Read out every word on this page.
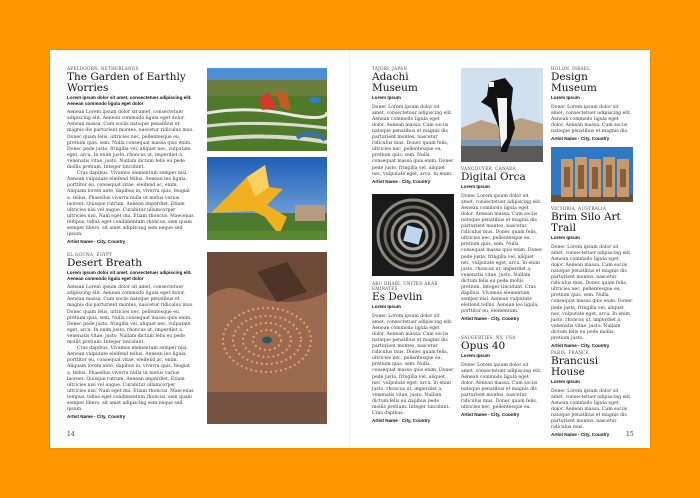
APELDOORN, NETHERLANDS
The Garden of Earthly Worries
Lorem ipsum dolor sit amet, consectetuer adipiscing elit. Aenean commodo ligula eget dolor

Aenean Lorem ipsum dolor sit amet, consectetuer adipiscing elit. Aenean commodo ligula eget dolor. Aenean massa. Cum sociis natoque penatibus et magnis dis parturient montes, nascetur ridiculus mus. Donec quam felis, ultricies nec, pellentesque eu, pretium quis, sem. Nulla consequat massa quis enim. Donec pede justo, fringilla vel, aliquet nec, vulputate eget, arcu. In enim justo, rhoncus ut, imperdiet a, venenatis vitae, justo. Nullam dictum felis eu pede mollis pretium. Integer tincidunt.

Cras dapibus. Vivamus elementum semper nisi. Aenean vulputate eleifend tellus. Aenean leo ligula, porttitor eu, consequat vitae, eleifend ac, enim. Aliquam lorem ante, dapibus in, viverra quis, feugiat a, tellus. Phasellus viverra nulla ut metus varius laoreet. Quisque rutrum. Aenean imperdiet. Etiam ultricies nisi vel augue. Curabitur ullamcorper ultricies nisi. Nam eget dui. Etiam rhoncus. Maecenas tempus, tellus eget condimentum rhoncus, sem quam semper libero, sit amet adipiscing sem neque sed ipsum.

Artist Name - City, Country
EL GOUNA, EGYPT
Desert Breath
Lorem ipsum dolor sit amet, consectetuer adipiscing elit. Aenean commodo ligula eget dolor

Aenean Lorem ipsum dolor sit amet, consectetuer adipiscing elit. Aenean commodo ligula eget dolor. Aenean massa. Cum sociis natoque penatibus et magnis dis parturient montes, nascetur ridiculus mus. Donec quam felis, ultricies nec, pellentesque eu, pretium quis, sem. Nulla consequat massa quis enim. Donec pede justo, fringilla vel, aliquet nec, vulputate eget, arcu. In enim justo, rhoncus ut, imperdiet a, venenatis vitae, justo. Nullam dictum felis eu pede mollis pretium. Integer tincidunt.

Cras dapibus. Vivamus elementum semper nisi. Aenean vulputate eleifend tellus. Aenean leo ligula, porttitor eu, consequat vitae, eleifend ac, enim. Aliquam lorem ante, dapibus in, viverra quis, feugiat a, tellus. Phasellus viverra nulla ut metus varius laoreet. Quisque rutrum. Aenean imperdiet. Etiam ultricies nisi vel augue. Curabitur ullamcorper ultricies nisi. Nam eget dui. Etiam rhoncus. Maecenas tempus, tellus eget condimentum rhoncus, sem quam semper libero, sit amet adipiscing sem neque sed ipsum.

Artist Name - City, Country
TAJORI, JAPAN
Adachi Museum
Lorem Ipsum

Donec Lorem ipsum dolor sit amet, consectetuer adipiscing elit. Aenean commodo ligula eget dolor. Aenean massa. Cum sociis natoque penatibus et magnis dis parturient montes, nascetur ridiculus mus. Donec quam felis, ultricies nec, pellentesque eu, pretium quis, sem. Nulla consequat massa quis enim. Donec pede justo, fringilla vel, aliquet nec, vulputate eget, arcu. In enim.

Artist Name - City, Country
ABU DHABI, UNITED ARAB EMIRATES
Es Devlin
Lorem Ipsum

Donec Lorem ipsum dolor sit amet, consectetuer adipiscing elit. Aenean commodo ligula eget dolor. Aenean massa. Cum sociis natoque penatibus et magnis dis parturient montes, nascetur ridiculus mus. Donec quam felis, ultricies nec, pellentesque eu, pretium quis, sem. Nulla consequat massa quis enim. Donec pede justo, fringilla vel, aliquet nec, vulputate eget, arcu. In enim justo, rhoncus ut, imperdiet a, venenatis vitae, justo. Nullam dictum felis eu dapibus pede mollis pretium. Integer tincidunt. Cras dapibus.

Artist Name - City, Country
VANCOUVER, CANADA
Digital Orca
Lorem Ipsum

Donec Lorem ipsum dolor sit amet, consectetuer adipiscing elit. Aenean commodo ligula eget dolor. Aenean massa. Cum sociis natoque penatibus et magnis dis parturient montes, nascetur ridiculus mus. Donec quam felis, ultricies nec, pellentesque eu, pretium quis, sem. Nulla consequat massa quis enim. Donec pede justo, fringilla vel, aliquet nec, vulputate eget, arcu. In enim justo, rhoncus ut, imperdiet a, venenatis vitae, justo. Nullam dictum felis eu pede mollis pretium. Integer tincidunt. Cras dapibus. Vivamus elementum semper nisi. Aenean vulputate eleifend tellus. Aenean leo ligula, porttitor eu, elementum.

Artist Name - City, Country
SAUGERTIES, NY, USA
Opus 40
Lorem Ipsum

Donec Lorem ipsum dolor sit amet, consectetuer adipiscing elit. Aenean commodo ligula eget dolor. Aenean massa. Cum sociis natoque penatibus et magnis dis parturient montes, nascetur ridiculus mus. Donec quam felis, ultricies nec, pellentesque eu.

Artist Name - City, Country
HOLON, ISRAEL
Design Museum
Lorem Ipsum

Donec Lorem ipsum dolor sit amet, consectetuer adipiscing elit. Aenean commodo ligula eget dolor. Aenean massa. Cum sociis natoque penatibus et magnis dis.

Artist Name - City, Country
VICTORIA, AUSTRALIA
Brim Silo Art Trail
Lorem Ipsum

Donec Lorem ipsum dolor sit amet, consectetuer adipiscing elit. Aenean commodo ligula eget dolor. Aenean massa. Cum sociis natoque penatibus et magnis dis parturient montes, nascetur ridiculus mus. Donec quam felis, ultricies nec, pellentesque eu, pretium quis, sem. Nulla consequat massa quis enim. Donec pede justo, fringilla vel, aliquet nec, vulputate eget, arcu. In enim justo, rhoncus ut, imperdiet a, venenatis vitae, justo. Nullam dictum felis eu pede mollis pretium justo.

Artist Name - City, Country
PARIS, FRANCE
Brancusi House
Lorem Ipsum

Donec Lorem ipsum dolor sit amet, consectetuer adipiscing elit. Aenean commodo ligula eget dolor. Aenean massa. Cum sociis natoque penatibus et magnis dis parturient montes, nascetur ridiculus mus.

Artist Name - City, Country
14	15
